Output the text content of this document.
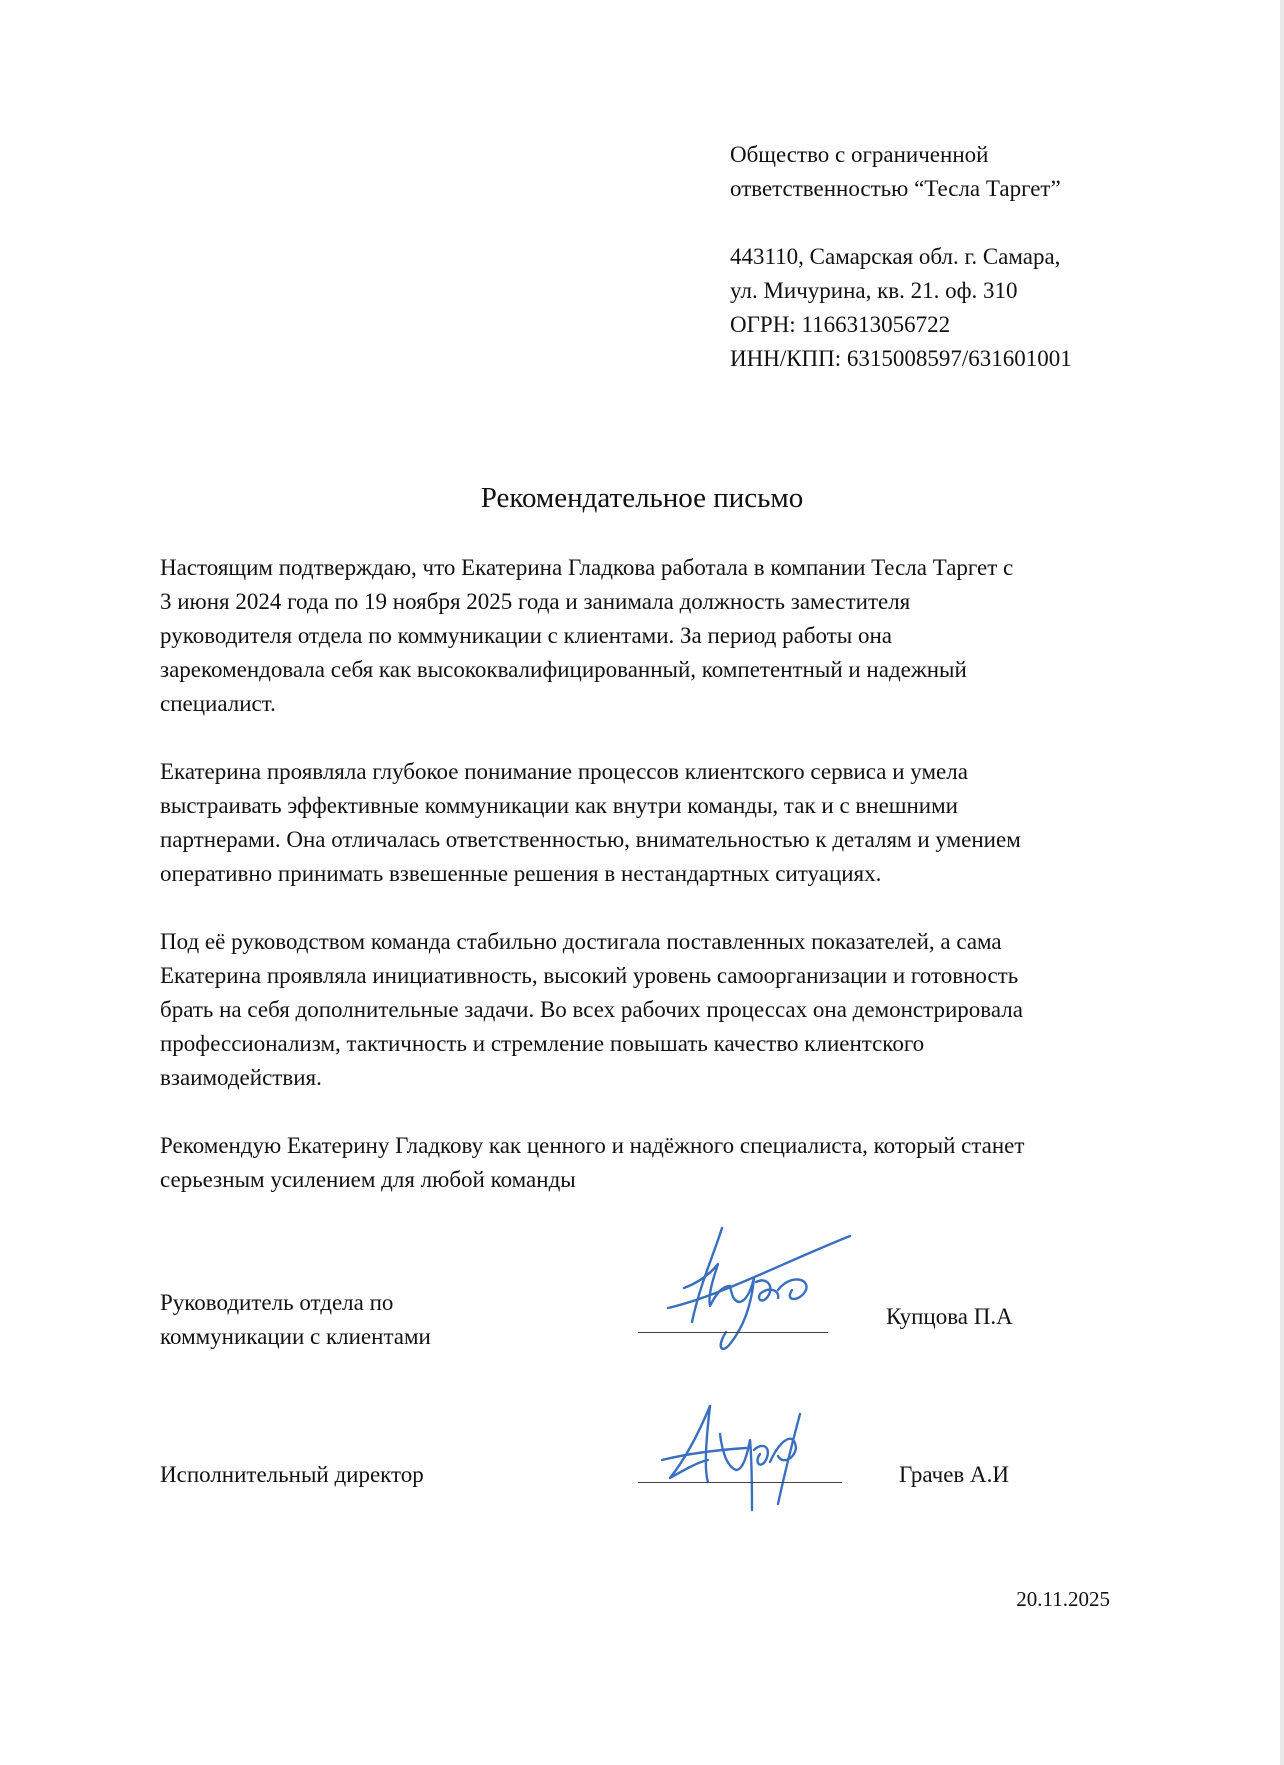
Общество с ограниченной
ответственностью “Тесла Таргет”
443110, Самарская обл. г. Самара,
ул. Мичурина, кв. 21. оф. 310
ОГРН: 1166313056722
ИНН/КПП: 6315008597/631601001
Рекомендательное письмо

Настоящим подтверждаю, что Екатерина Гладкова работала в компании Тесла Таргет с
3 июня 2024 года по 19 ноября 2025 года и занимала должность заместителя
руководителя отдела по коммуникации с клиентами. За период работы она
зарекомендовала себя как высококвалифицированный, компетентный и надежный
специалист.

Екатерина проявляла глубокое понимание процессов клиентского сервиса и умела
выстраивать эффективные коммуникации как внутри команды, так и с внешними
партнерами. Она отличалась ответственностью, внимательностью к деталям и умением
оперативно принимать взвешенные решения в нестандартных ситуациях.

Под её руководством команда стабильно достигала поставленных показателей, а сама
Екатерина проявляла инициативность, высокий уровень самоорганизации и готовность
брать на себя дополнительные задачи. Во всех рабочих процессах она демонстрировала
профессионализм, тактичность и стремление повышать качество клиентского
взаимодействия.

Рекомендую Екатерину Гладкову как ценного и надёжного специалиста, который станет
серьезным усилением для любой команды

Руководитель отдела по
коммуникации с клиентами
Купцова П.А
Исполнительный директор	Грачев А.И
20.11.2025
